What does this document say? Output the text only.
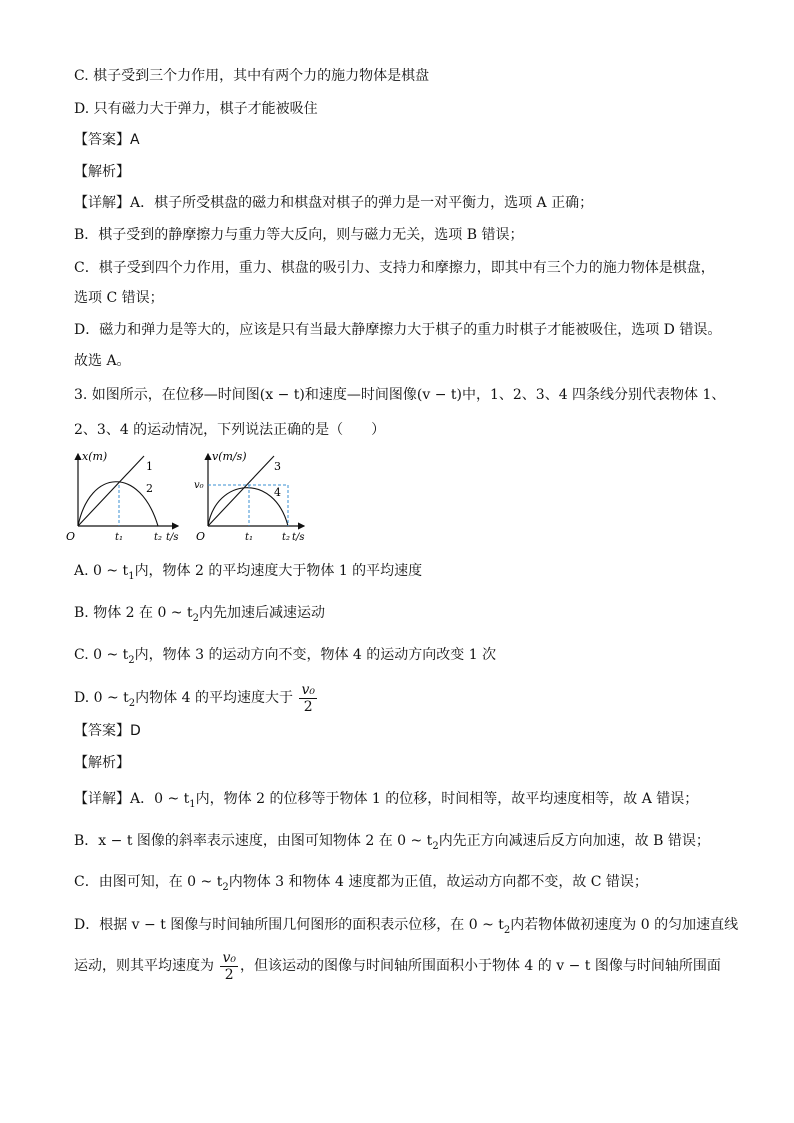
C. 棋子受到三个力作用，其中有两个力的施力物体是棋盘
D. 只有磁力大于弹力，棋子才能被吸住
【答案】A
【解析】
【详解】A．棋子所受棋盘的磁力和棋盘对棋子的弹力是一对平衡力，选项 A 正确；
B．棋子受到的静摩擦力与重力等大反向，则与磁力无关，选项 B 错误；
C．棋子受到四个力作用，重力、棋盘的吸引力、支持力和摩擦力，即其中有三个力的施力物体是棋盘，
选项 C 错误；
D．磁力和弹力是等大的，应该是只有当最大静摩擦力大于棋子的重力时棋子才能被吸住，选项 D 错误。
故选 A。
3. 如图所示，在位移—时间图(x − t)和速度—时间图像(v − t)中，1、2、3、4 四条线分别代表物体 1、
2、3、4 的运动情况，下列说法正确的是（　　）
x(m)
1
2
O	t₁	t₂ t/s
v(m/s)
v₀
3
4
O	t₁	t₂ t/s
A. 0 ~ $t_1$内，物体 2 的平均速度大于物体 1 的平均速度
B. 物体 2 在 0 ~ $t_2$内先加速后减速运动
C. 0 ~ $t_2$内，物体 3 的运动方向不变，物体 4 的运动方向改变 1 次
D. 0 ~ $t_2$内物体 4 的平均速度大于 $\frac{\text{v₀}}{2}$
【答案】D
【解析】
【详解】A．0 ~ $t_1$内，物体 2 的位移等于物体 1 的位移，时间相等，故平均速度相等，故 A 错误；
B．x − t 图像的斜率表示速度，由图可知物体 2 在 0 ~ $t_2$内先正方向减速后反方向加速，故 B 错误；
C．由图可知，在 0 ~ $t_2$内物体 3 和物体 4 速度都为正值，故运动方向都不变，故 C 错误；
D．根据 v − t 图像与时间轴所围几何图形的面积表示位移，在 0 ~ $t_2$内若物体做初速度为 0 的匀加速直线
运动，则其平均速度为 $\frac{\text{v₀}}{2}$ ，但该运动的图像与时间轴所围面积小于物体 4 的 v − t 图像与时间轴所围面
